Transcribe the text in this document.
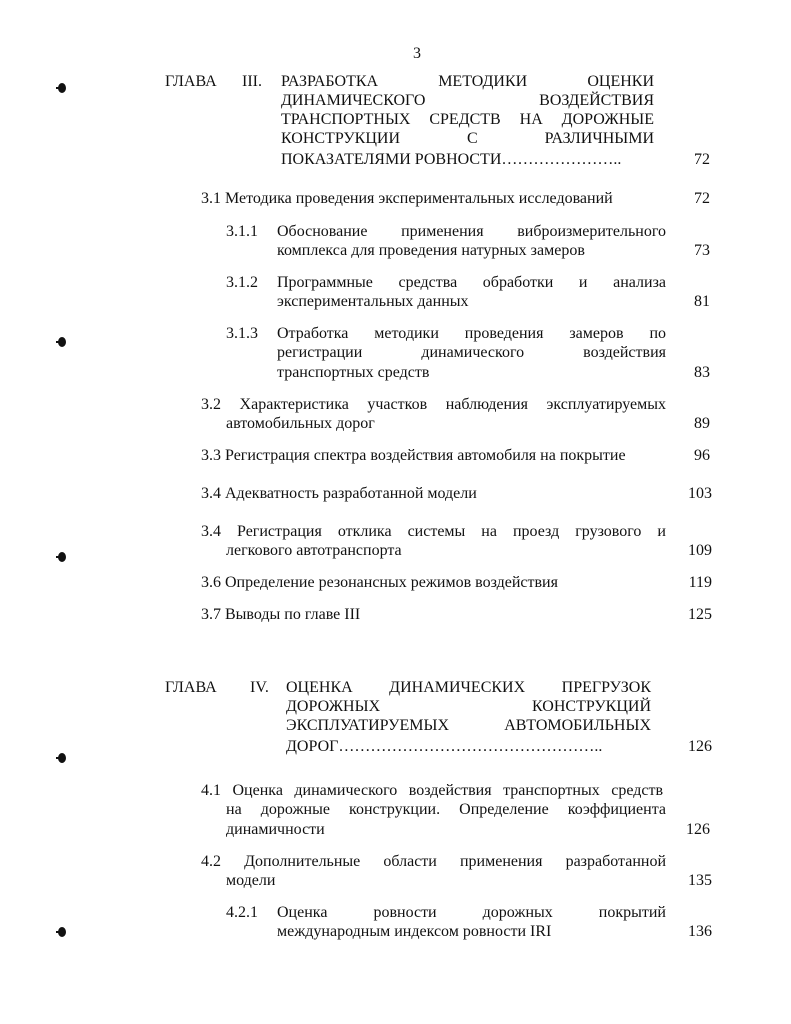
3
ГЛАВА III. РАЗРАБОТКА МЕТОДИКИ ОЦЕНКИ
ДИНАМИЧЕСКОГО ВОЗДЕЙСТВИЯ
ТРАНСПОРТНЫХ СРЕДСТВ НА ДОРОЖНЫЕ
КОНСТРУКЦИИ С РАЗЛИЧНЫМИ
ПОКАЗАТЕЛЯМИ РОВНОСТИ…………………..	72
3.1 Методика проведения экспериментальных исследований	72
3.1.1 Обоснование применения виброизмерительного
комплекса для проведения натурных замеров	73
3.1.2 Программные средства обработки и анализа
экспериментальных данных	81
3.1.3 Отработка методики проведения замеров по
регистрации динамического воздействия
транспортных средств	83
3.2 Характеристика участков наблюдения эксплуатируемых
автомобильных дорог	89
3.3 Регистрация спектра воздействия автомобиля на покрытие	96
3.4 Адекватность разработанной модели	103
3.4 Регистрация отклика системы на проезд грузового и
легкового автотранспорта	109
3.6 Определение резонансных режимов воздействия	119
3.7 Выводы по главе III	125
ГЛАВА IV. ОЦЕНКА ДИНАМИЧЕСКИХ ПРЕГРУЗОК
ДОРОЖНЫХ КОНСТРУКЦИЙ
ЭКСПЛУАТИРУЕМЫХ АВТОМОБИЛЬНЫХ
ДОРОГ…………………………………………..	126
4.1 Оценка динамического воздействия транспортных средств
на дорожные конструкции. Определение коэффициента
динамичности	126
4.2 Дополнительные области применения разработанной
модели	135
4.2.1 Оценка ровности дорожных покрытий
международным индексом ровности IRI	136
